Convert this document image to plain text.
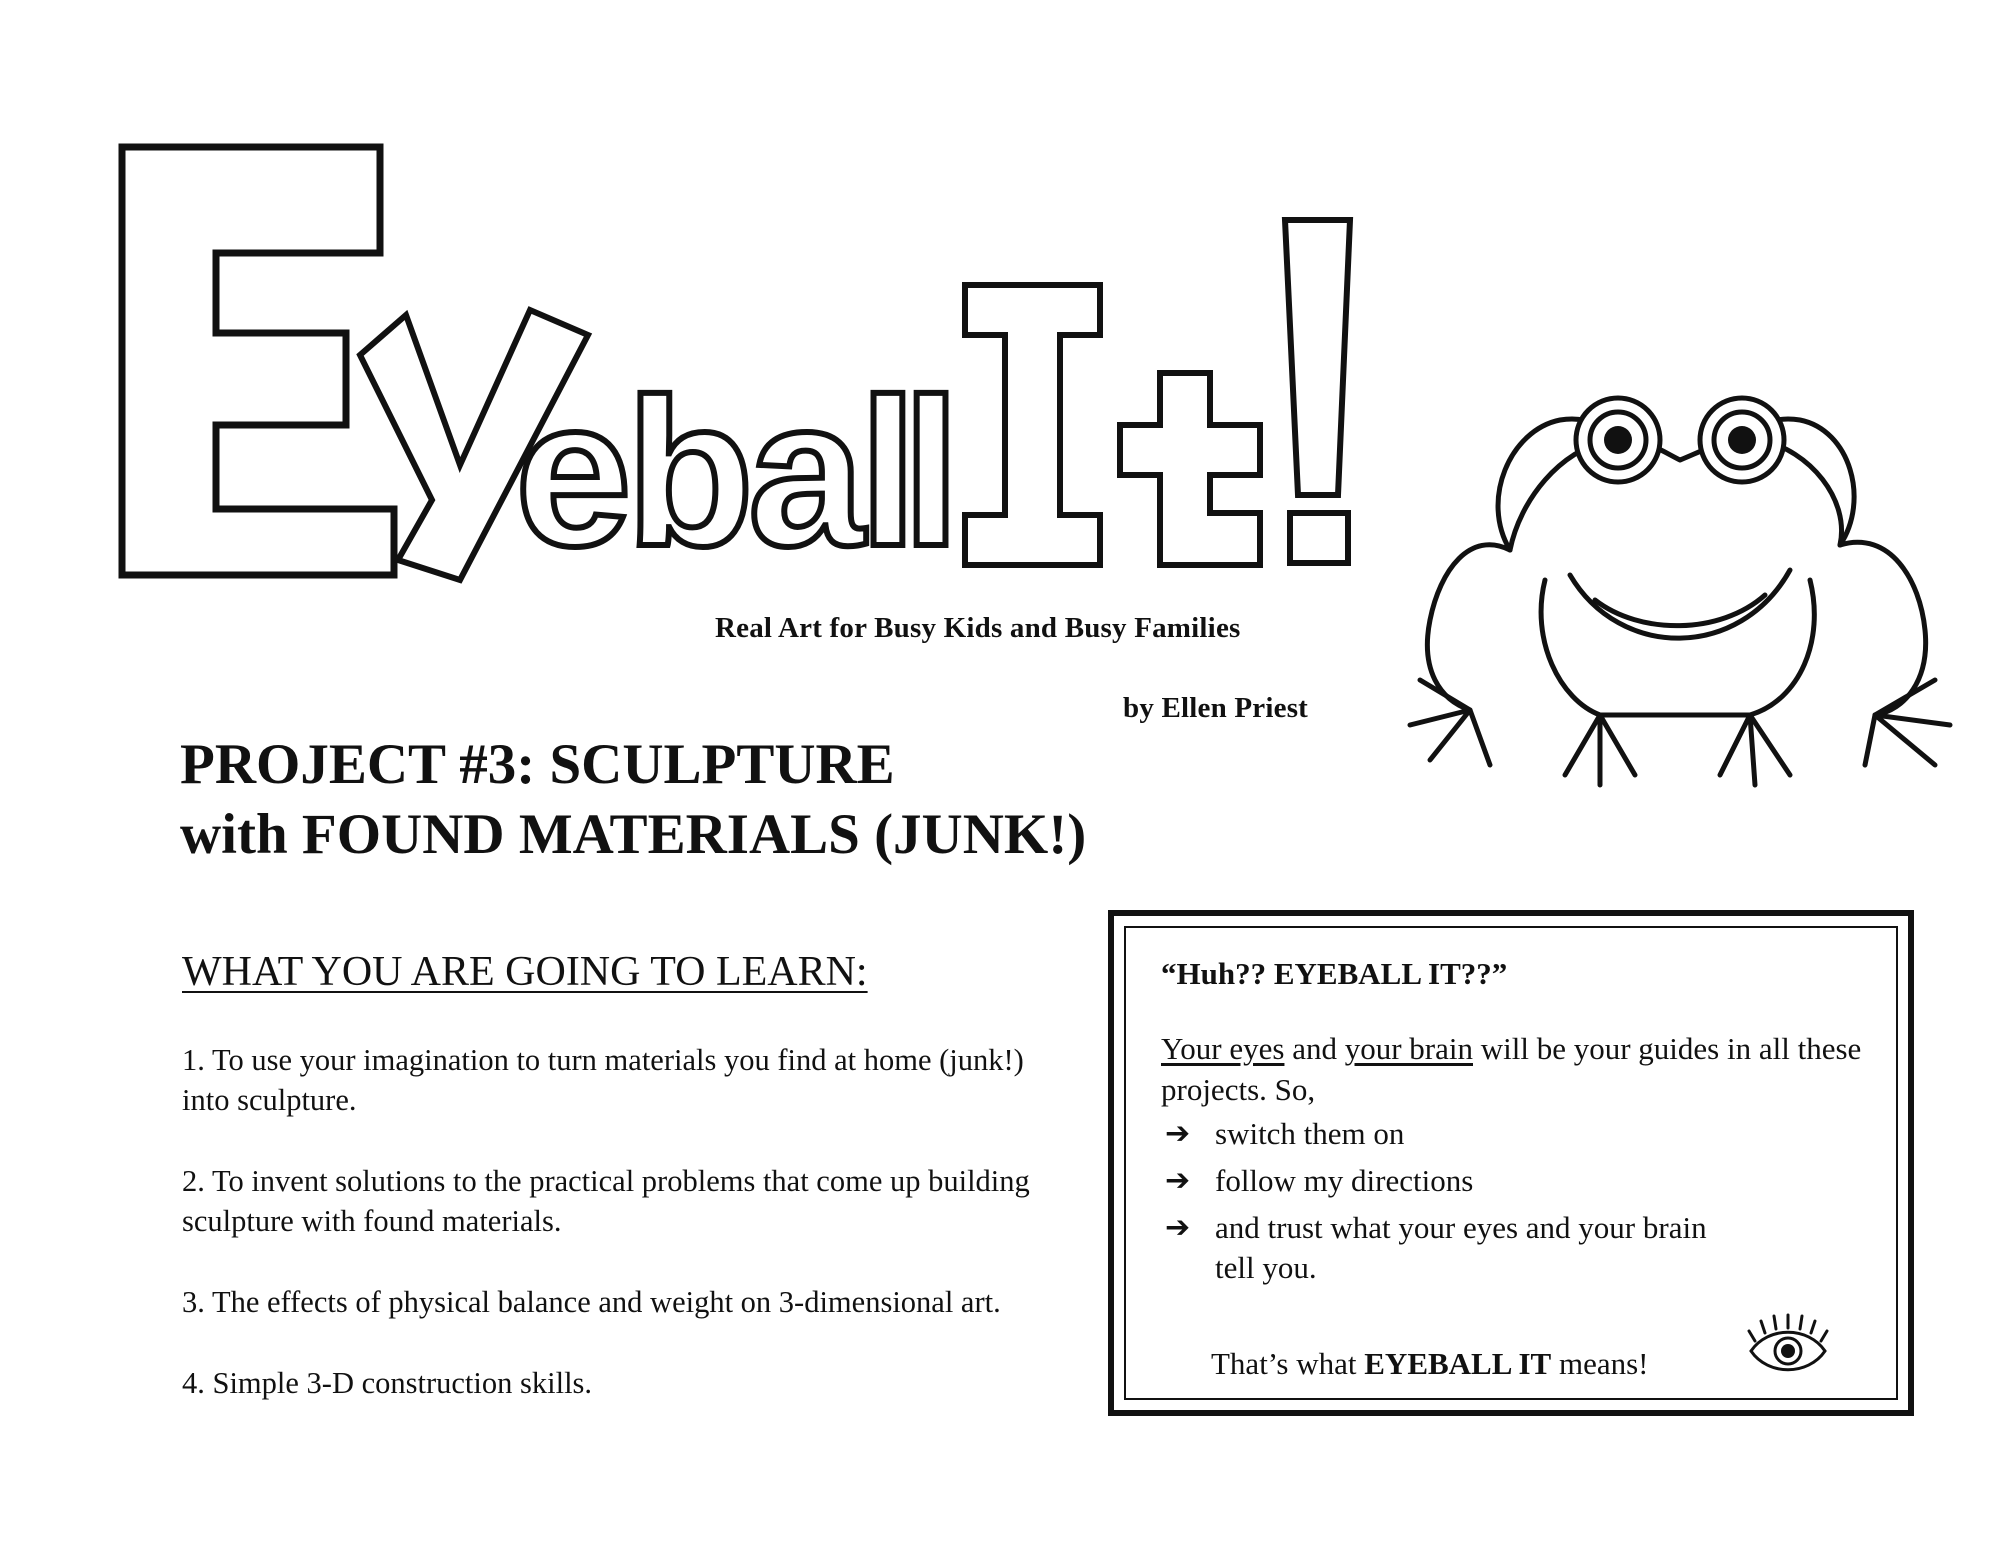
ebal
l
Real Art for Busy Kids and Busy Families
by Ellen Priest
PROJECT #3: SCULPTURE
with FOUND MATERIALS (JUNK!)
WHAT YOU ARE GOING TO LEARN:
1. To use your imagination to turn materials you find at home (junk!) into sculpture.
2. To invent solutions to the practical problems that come up building sculpture with found materials.
3. The effects of physical balance and weight on 3-dimensional art.
4. Simple 3-D construction skills.
“Huh?? EYEBALL IT??”
Your eyes and your brain will be your guides in all these projects. So,
➔ switch them on
➔ follow my directions
➔ and trust what your eyes and your brain
tell you.
That’s what EYEBALL IT means!
